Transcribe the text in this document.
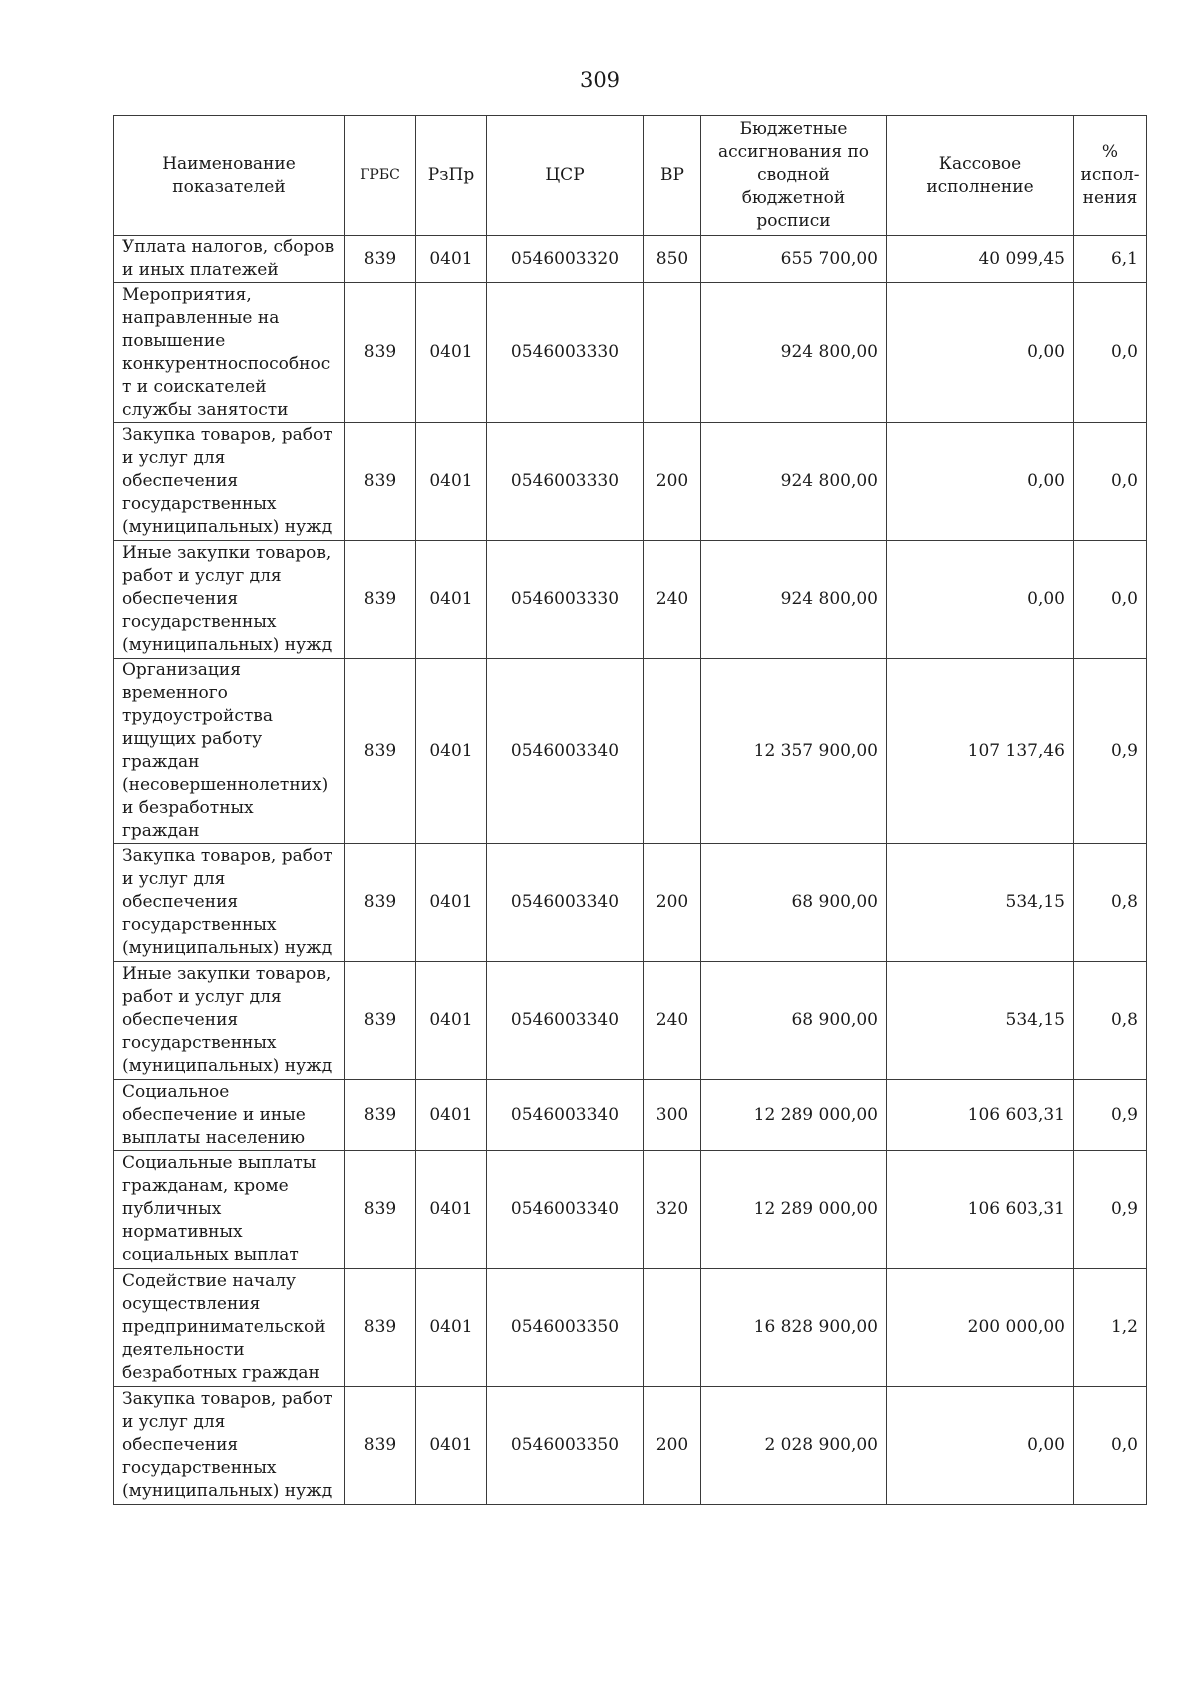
309
Наименование показателей	ГРБС	РзПр	ЦСР	ВР	Бюджетные ассигнования по сводной бюджетной росписи	Кассовое исполнение	% испол-нения
Уплата налогов, сборов и иных платежей	839	0401	0546003320	850	655 700,00	40 099,45	6,1
Мероприятия, направленные на повышение конкурентноспособност и соискателей службы занятости	839	0401	0546003330		924 800,00	0,00	0,0
Закупка товаров, работ и услуг для обеспечения государственных (муниципальных) нужд	839	0401	0546003330	200	924 800,00	0,00	0,0
Иные закупки товаров, работ и услуг для обеспечения государственных (муниципальных) нужд	839	0401	0546003330	240	924 800,00	0,00	0,0
Организация временного трудоустройства ищущих работу граждан (несовершеннолетних) и безработных граждан	839	0401	0546003340		12 357 900,00	107 137,46	0,9
Закупка товаров, работ и услуг для обеспечения государственных (муниципальных) нужд	839	0401	0546003340	200	68 900,00	534,15	0,8
Иные закупки товаров, работ и услуг для обеспечения государственных (муниципальных) нужд	839	0401	0546003340	240	68 900,00	534,15	0,8
Социальное обеспечение и иные выплаты населению	839	0401	0546003340	300	12 289 000,00	106 603,31	0,9
Социальные выплаты гражданам, кроме публичных нормативных социальных выплат	839	0401	0546003340	320	12 289 000,00	106 603,31	0,9
Содействие началу осуществления предпринимательской деятельности безработных граждан	839	0401	0546003350		16 828 900,00	200 000,00	1,2
Закупка товаров, работ и услуг для обеспечения государственных (муниципальных) нужд	839	0401	0546003350	200	2 028 900,00	0,00	0,0
